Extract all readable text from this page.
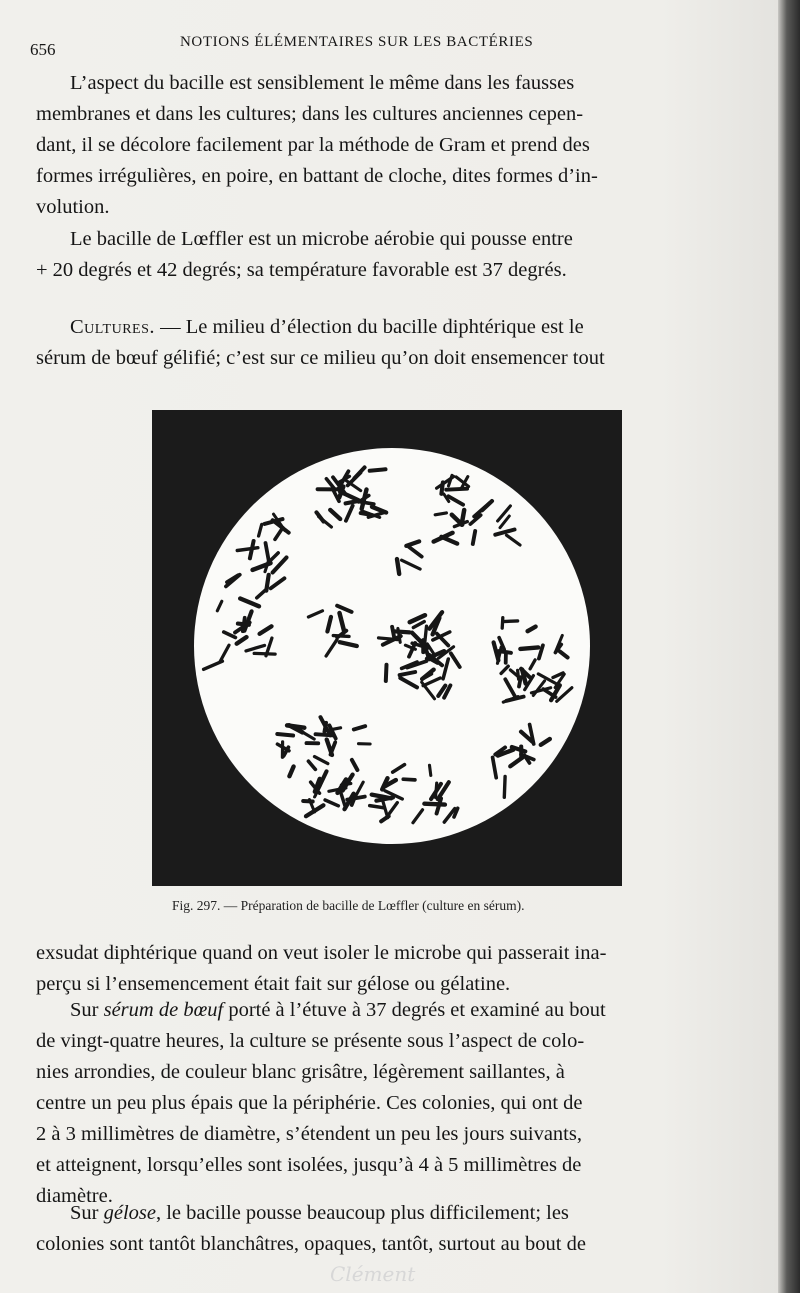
656	NOTIONS ÉLÉMENTAIRES SUR LES BACTÉRIES

L’aspect du bacille est sensiblement le même dans les fausses
membranes et dans les cultures; dans les cultures anciennes cepen-
dant, il se décolore facilement par la méthode de Gram et prend des
formes irrégulières, en poire, en battant de cloche, dites formes d’in-
volution.

Le bacille de Lœffler est un microbe aérobie qui pousse entre
+ 20 degrés et 42 degrés; sa température favorable est 37 degrés.

Cultures. — Le milieu d’élection du bacille diphtérique est le
sérum de bœuf gélifié; c’est sur ce milieu qu’on doit ensemencer tout

Clément
Fig. 297. — Préparation de bacille de Lœffler (culture en sérum).

exsudat diphtérique quand on veut isoler le microbe qui passerait ina-
perçu si l’ensemencement était fait sur gélose ou gélatine.

Sur sérum de bœuf porté à l’étuve à 37 degrés et examiné au bout
de vingt-quatre heures, la culture se présente sous l’aspect de colo-
nies arrondies, de couleur blanc grisâtre, légèrement saillantes, à
centre un peu plus épais que la périphérie. Ces colonies, qui ont de
2 à 3 millimètres de diamètre, s’étendent un peu les jours suivants,
et atteignent, lorsqu’elles sont isolées, jusqu’à 4 à 5 millimètres de
diamètre.

Sur gélose, le bacille pousse beaucoup plus difficilement; les
colonies sont tantôt blanchâtres, opaques, tantôt, surtout au bout de
